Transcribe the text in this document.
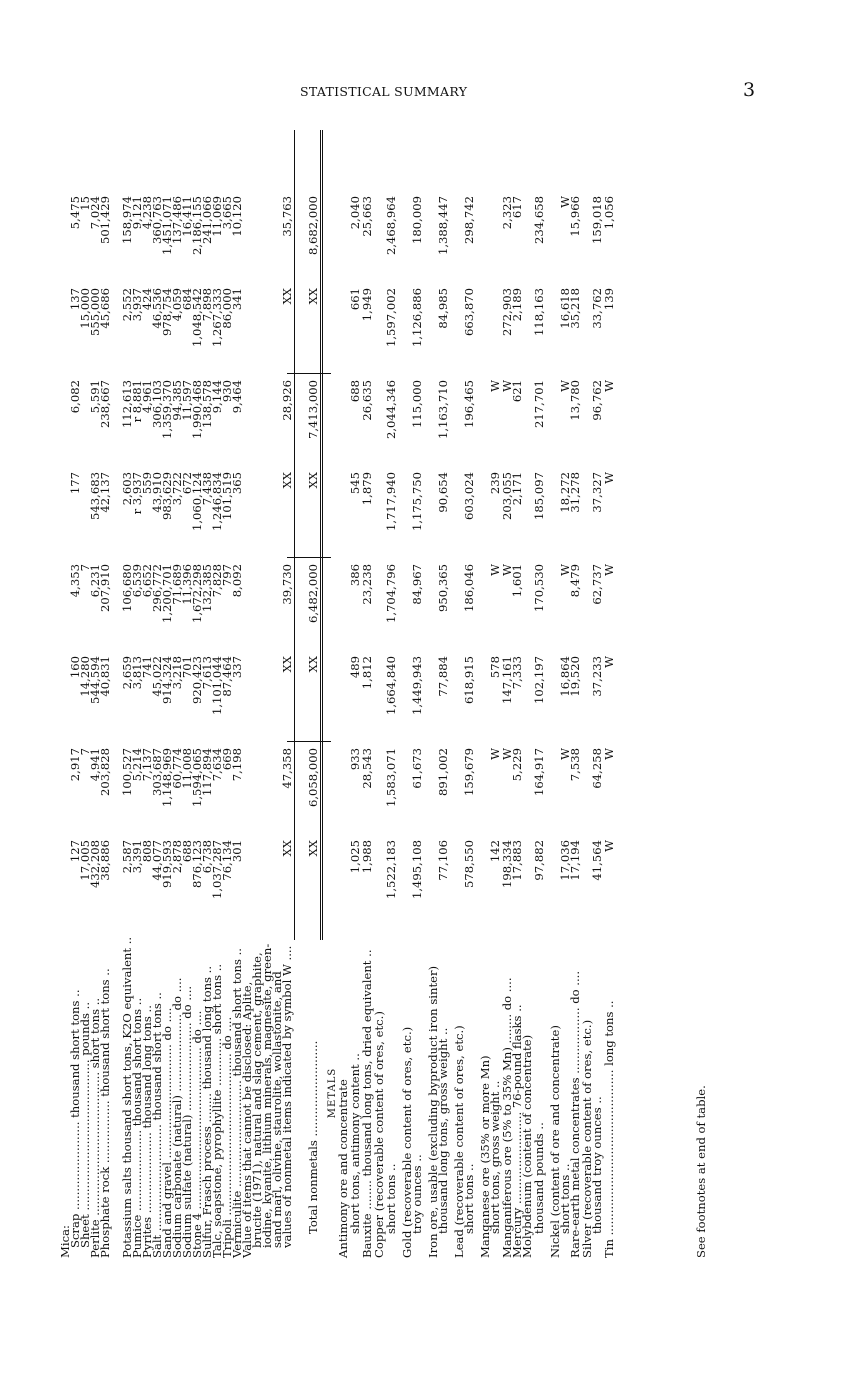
STATISTICAL SUMMARY	3
Mica:
Scrap ........................ thousand short tons ..
127
2,917
160
4,353
177
6,082
137
5,475
Sheet ......................................... pounds ..
17,005
7
14,280
7
15,000
15
Perlite ....................................... short tons ..
432,208
4,941
544,594
6,231
543,683
5,591
555,000
7,024
Phosphate rock ................. thousand short tons ..
38,886
203,828
40,831
207,910
42,137
238,667
45,686
501,429
Potassium salts thousand short tons, K2O equivalent ..
2,587
100,527
2,659
106,680
2,603
112,613
2,552
158,974
Pumice ...................... thousand short tons ..
3,391
5,214
3,813
6,539
r 3,937
r 8,881
3,937
9,121
Pyrites ...................... thousand long tons ..
808
7,137
741
6,652
559
4,961
424
4,238
Salt ............................. thousand short tons ..
44,077
303,687
45,022
296,772
43,910
306,103
46,536
360,763
Sand and gravel ............................... do ....
919,593
1,148,969
914,324
1,200,701
983,629
1,359,370
978,754
1,451,071
Sodium carbonate (natural) ..................... do ....
2,878
60,774
3,218
71,689
3,722
94,385
4,059
137,486
Sodium sulfate (natural) ........................ do ....
688
11,008
701
11,396
672
11,597
684
16,411
Stone 4 ............................................ do ....
876,123
1,594,065
920,423
1,672,298
1,060,124
1,990,468
1,048,542
2,186,155
Sulfur, Frasch process ........ thousand long tons ..
6,738
117,894
7,613
132,385
7,438
138,578
7,898
241,066
Talc, soapstone, pyrophyllite ............. short tons ..
1,037,287
7,634
1,101,044
7,828
1,246,834
9,144
1,267,333
11,069
Tripoli ............................................ do ....
76,134
669
87,464
797
101,519
930
86,000
3,665
Vermiculite ............................. thousand short tons ..
301
7,198
337
8,092
365
9,464
341
10,120
Value of items that cannot be disclosed: Aplite,
brucite (1971), natural and slag cement, graphite,
iodine, kyanite, lithium minerals, magnesite, green-
sand marl, olivine, staurolite, wollastonite, and
values of nonmetal items indicated by symbol W ....
XX
47,358
XX
39,730
XX
28,926
XX
35,763
Total nonmetals ..........................
XX
6,058,000
XX
6,482,000
XX
7,413,000
XX
8,682,000
METALS
Antimony ore and concentrate
short tons, antimony content ..
1,025
933
489
386
545
688
661
2,040
Bauxite ........ thousand long tons, dried equivalent ..
1,988
28,543
1,812
23,238
1,879
26,635
1,949
25,663
Copper (recoverable content of ores, etc.)
short tons ..
1,522,183
1,583,071
1,664,840
1,704,796
1,717,940
2,044,346
1,597,002
2,468,964
Gold (recoverable content of ores, etc.)
troy ounces ..
1,495,108
61,673
1,449,943
84,967
1,175,750
115,000
1,126,886
180,009
Iron ore, usable (excluding byproduct iron sinter)
thousand long tons, gross weight ..
77,106
891,002
77,884
950,365
90,654
1,163,710
84,985
1,388,447
Lead (recoverable content of ores, etc.)
short tons ..
578,550
159,679
618,915
186,046
603,024
196,465
663,870
298,742
Manganese ore (35% or more Mn)
short tons, gross weight ..
142
W
578
W
239
W
Manganiferous ore (5% to 35% Mn) ........ do ....
198,334
W
147,161
W
203,055
W
272,903
2,323
Mercury ......................... 76-pound flasks ..
17,883
5,229
7,333
1,601
2,171
621
2,189
617
Molybdenum (content of concentrate)
thousand pounds ..
97,882
164,917
102,197
170,530
185,097
217,701
118,163
234,658
Nickel (content of ore and concentrate)
short tons ..
17,036
W
16,864
W
18,272
W
16,618
W
Rare-earth metal concentrates .................. do ....
17,194
7,538
19,520
8,479
31,278
13,780
35,218
15,966
Silver (recoverable content of ores, etc.)
thousand troy ounces ..
41,564
64,258
37,233
62,737
37,327
96,762
33,762
159,018
Tin ............................................. long tons ..
W
W
W
W
W
W
139
1,056
See footnotes at end of table.
